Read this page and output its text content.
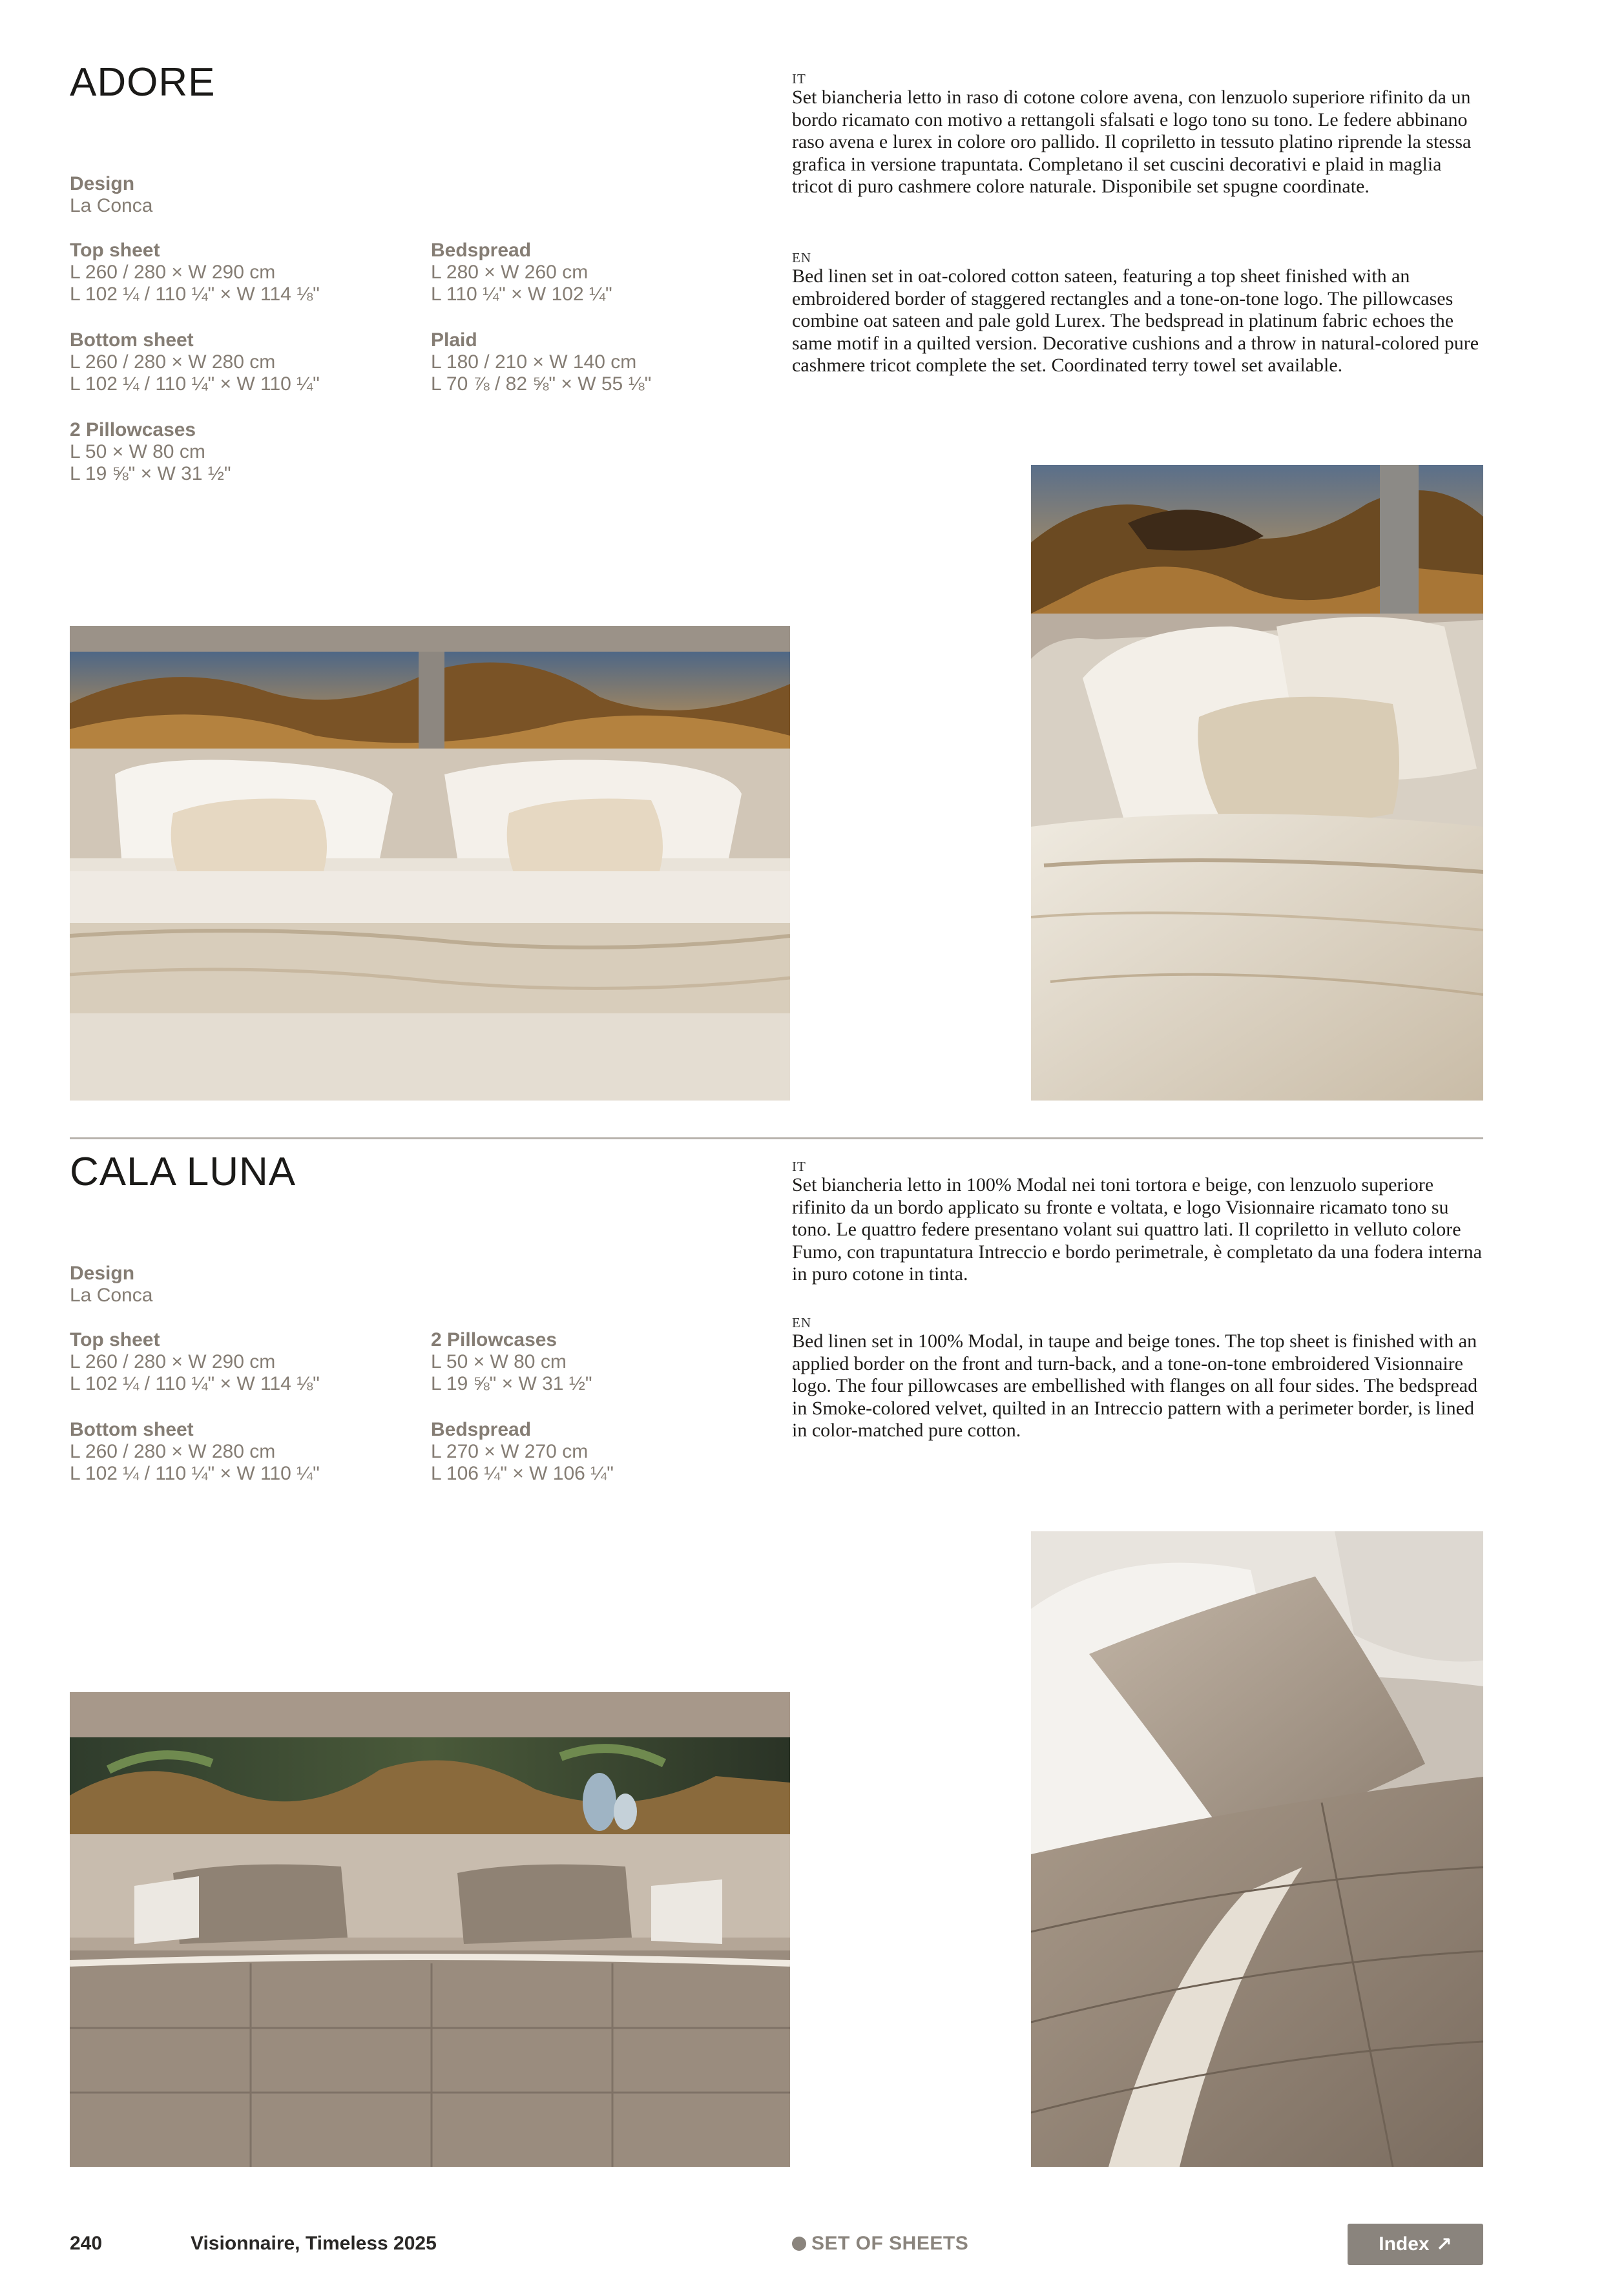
ADORE
Design
La Conca
Top sheet
L 260 / 280 × W 290 cm
L 102 ¼ / 110 ¼" × W 114 ⅛"
Bedspread
L 280 × W 260 cm
L 110 ¼" × W 102 ¼"
Bottom sheet
L 260 / 280 × W 280 cm
L 102 ¼ / 110 ¼" × W 110 ¼"
Plaid
L 180 / 210 × W 140 cm
L 70 ⅞ / 82 ⅝" × W 55 ⅛"
2 Pillowcases
L 50 × W 80 cm
L 19 ⅝" × W 31 ½"
IT
Set biancheria letto in raso di cotone colore avena, con lenzuolo superiore rifinito da un bordo ricamato con motivo a rettangoli sfalsati e logo tono su tono. Le federe abbinano raso avena e lurex in colore oro pallido. Il copriletto in tessuto platino riprende la stessa grafica in versione trapuntata. Completano il set cuscini decorativi e plaid in maglia tricot di puro cashmere colore naturale. Disponibile set spugne coordinate.
EN
Bed linen set in oat-colored cotton sateen, featuring a top sheet finished with an embroidered border of staggered rectangles and a tone-on-tone logo. The pillowcases combine oat sateen and pale gold Lurex. The bedspread in platinum fabric echoes the same motif in a quilted version. Decorative cushions and a throw in natural-colored pure cashmere tricot complete the set. Coordinated terry towel set available.
CALA LUNA
Design
La Conca
Top sheet
L 260 / 280 × W 290 cm
L 102 ¼ / 110 ¼" × W 114 ⅛"
2 Pillowcases
L 50 × W 80 cm
L 19 ⅝" × W 31 ½"
Bottom sheet
L 260 / 280 × W 280 cm
L 102 ¼ / 110 ¼" × W 110 ¼"
Bedspread
L 270 × W 270 cm
L 106 ¼" × W 106 ¼"
IT
Set biancheria letto in 100% Modal nei toni tortora e beige, con lenzuolo superiore rifinito da un bordo applicato su fronte e voltata, e logo Visionnaire ricamato tono su tono. Le quattro federe presentano volant sui quattro lati. Il copriletto in velluto colore Fumo, con trapuntatura Intreccio e bordo perimetrale, è completato da una fodera interna in puro cotone in tinta.
EN
Bed linen set in 100% Modal, in taupe and beige tones. The top sheet is finished with an applied border on the front and turn-back, and a tone-on-tone embroidered Visionnaire logo. The four pillowcases are embellished with flanges on all four sides. The bedspread in Smoke-colored velvet, quilted in an Intreccio pattern with a perimeter border, is lined in color-matched pure cotton.
240	Visionnaire, Timeless 2025	SET OF SHEETS	Index ↗
